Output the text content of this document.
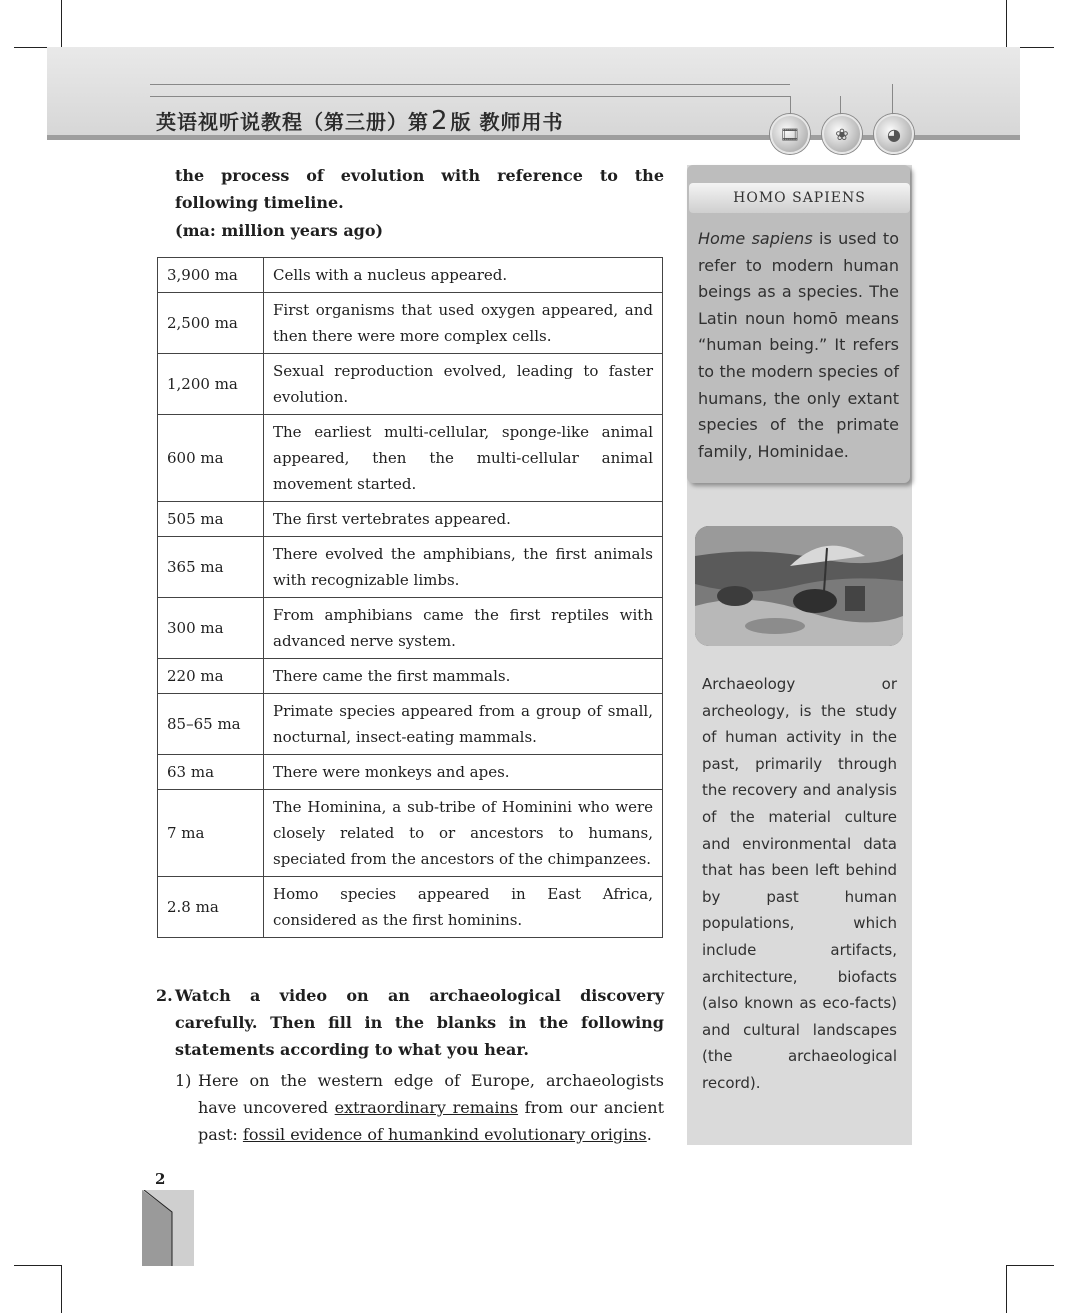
英语视听说教程（第三册）第2 版 教师用书	🎞	❀	◕
the process of evolution with reference to the following timeline.
(ma: million years ago)
3,900 ma	Cells with a nucleus appeared.
2,500 ma	First organisms that used oxygen appeared, and then there were more complex cells.
1,200 ma	Sexual reproduction evolved, leading to faster evolution.
600 ma	The earliest multi-cellular, sponge-like animal appeared, then the multi-cellular animal movement started.
505 ma	The first vertebrates appeared.
365 ma	There evolved the amphibians, the first animals with recognizable limbs.
300 ma	From amphibians came the first reptiles with advanced nerve system.
220 ma	There came the first mammals.
85–65 ma	Primate species appeared from a group of small, nocturnal, insect-eating mammals.
63 ma	There were monkeys and apes.
7 ma	The Hominina, a sub-tribe of Hominini who were closely related to or ancestors to humans, speciated from the ancestors of the chimpanzees.
2.8 ma	Homo species appeared in East Africa, considered as the first hominins.
2. Watch a video on an archaeological discovery carefully. Then fill in the blanks in the following statements according to what you hear.
1) Here on the western edge of Europe, archaeologists have uncovered extraordinary remains from our ancient past: fossil evidence of humankind evolutionary origins.
HOMO SAPIENS
Home sapiens is used to refer to modern human beings as a species. The Latin noun homō means “human being.” It refers to the modern species of humans, the only extant species of the primate family, Hominidae.
Archaeology or archeology, is the study of human activity in the past, primarily through the recovery and analysis of the material culture and environmental data that has been left behind by past human populations, which include artifacts, architecture, biofacts (also known as eco-facts) and cultural landscapes (the archaeological record).
2
